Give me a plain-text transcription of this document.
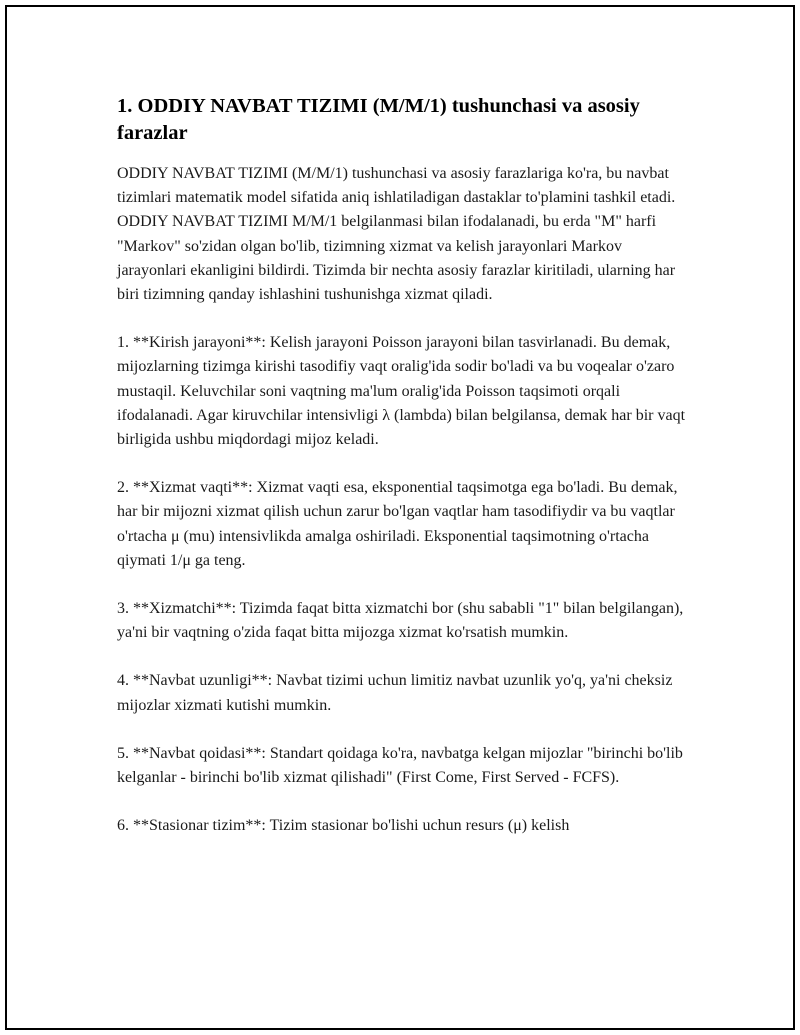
1. ODDIY NAVBAT TIZIMI (M/M/1) tushunchasi va asosiy farazlar

ODDIY NAVBAT TIZIMI (M/M/1) tushunchasi va asosiy farazlariga ko'ra, bu navbat tizimlari matematik model sifatida aniq ishlatiladigan dastaklar to'plamini tashkil etadi. ODDIY NAVBAT TIZIMI M/M/1 belgilanmasi bilan ifodalanadi, bu erda "M" harfi "Markov" so'zidan olgan bo'lib, tizimning xizmat va kelish jarayonlari Markov jarayonlari ekanligini bildirdi. Tizimda bir nechta asosiy farazlar kiritiladi, ularning har biri tizimning qanday ishlashini tushunishga xizmat qiladi.

1. **Kirish jarayoni**: Kelish jarayoni Poisson jarayoni bilan tasvirlanadi. Bu demak, mijozlarning tizimga kirishi tasodifiy vaqt oralig'ida sodir bo'ladi va bu voqealar o'zaro mustaqil. Keluvchilar soni vaqtning ma'lum oralig'ida Poisson taqsimoti orqali ifodalanadi. Agar kiruvchilar intensivligi λ (lambda) bilan belgilansa, demak har bir vaqt birligida ushbu miqdordagi mijoz keladi.

2. **Xizmat vaqti**: Xizmat vaqti esa, eksponential taqsimotga ega bo'ladi. Bu demak, har bir mijozni xizmat qilish uchun zarur bo'lgan vaqtlar ham tasodifiydir va bu vaqtlar o'rtacha μ (mu) intensivlikda amalga oshiriladi. Eksponential taqsimotning o'rtacha qiymati 1/μ ga teng.

3. **Xizmatchi**: Tizimda faqat bitta xizmatchi bor (shu sababli "1" bilan belgilangan), ya'ni bir vaqtning o'zida faqat bitta mijozga xizmat ko'rsatish mumkin.

4. **Navbat uzunligi**: Navbat tizimi uchun limitiz navbat uzunlik yo'q, ya'ni cheksiz mijozlar xizmati kutishi mumkin.

5. **Navbat qoidasi**: Standart qoidaga ko'ra, navbatga kelgan mijozlar "birinchi bo'lib kelganlar - birinchi bo'lib xizmat qilishadi" (First Come, First Served - FCFS).

6. **Stasionar tizim**: Tizim stasionar bo'lishi uchun resurs (μ) kelish
